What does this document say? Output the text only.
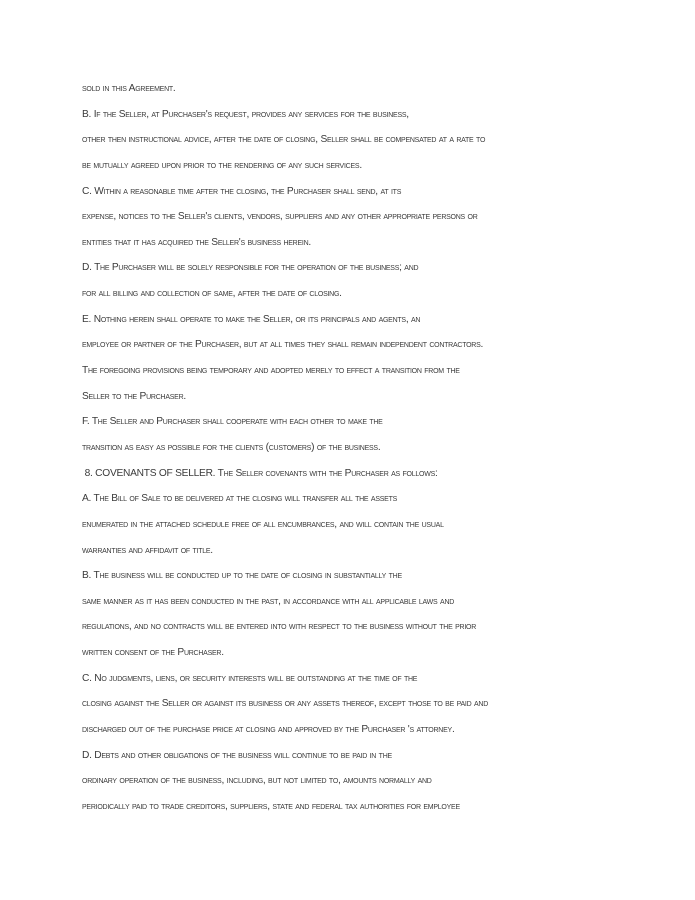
sold in this Agreement.
B. If the Seller, at Purchaser's request, provides any services for the business,
other then instructional advice, after the date of closing, Seller shall be compensated at a rate to
be mutually agreed upon prior to the rendering of any such services.
C. Within a reasonable time after the closing, the Purchaser shall send, at its
expense, notices to the Seller's clients, vendors, suppliers and any other appropriate persons or
entities that it has acquired the Seller's business herein.
D. The Purchaser will be solely responsible for the operation of the business; and
for all billing and collection of same, after the date of closing.
E. Nothing herein shall operate to make the Seller, or its principals and agents, an
employee or partner of the Purchaser, but at all times they shall remain independent contractors.
The foregoing provisions being temporary and adopted merely to effect a transition from the
Seller to the Purchaser.
F. The Seller and Purchaser shall cooperate with each other to make the
transition as easy as possible for the clients (customers) of the business.
8. COVENANTS OF SELLER. The Seller covenants with the Purchaser as follows:
A. The Bill of Sale to be delivered at the closing will transfer all the assets
enumerated in the attached schedule free of all encumbrances, and will contain the usual
warranties and affidavit of title.
B. The business will be conducted up to the date of closing in substantially the
same manner as it has been conducted in the past, in accordance with all applicable laws and
regulations, and no contracts will be entered into with respect to the business without the prior
written consent of the Purchaser.
C. No judgments, liens, or security interests will be outstanding at the time of the
closing against the Seller or against its business or any assets thereof, except those to be paid and
discharged out of the purchase price at closing and approved by the Purchaser 's attorney.
D. Debts and other obligations of the business will continue to be paid in the
ordinary operation of the business, including, but not limited to, amounts normally and
periodically paid to trade creditors, suppliers, state and federal tax authorities for employee
